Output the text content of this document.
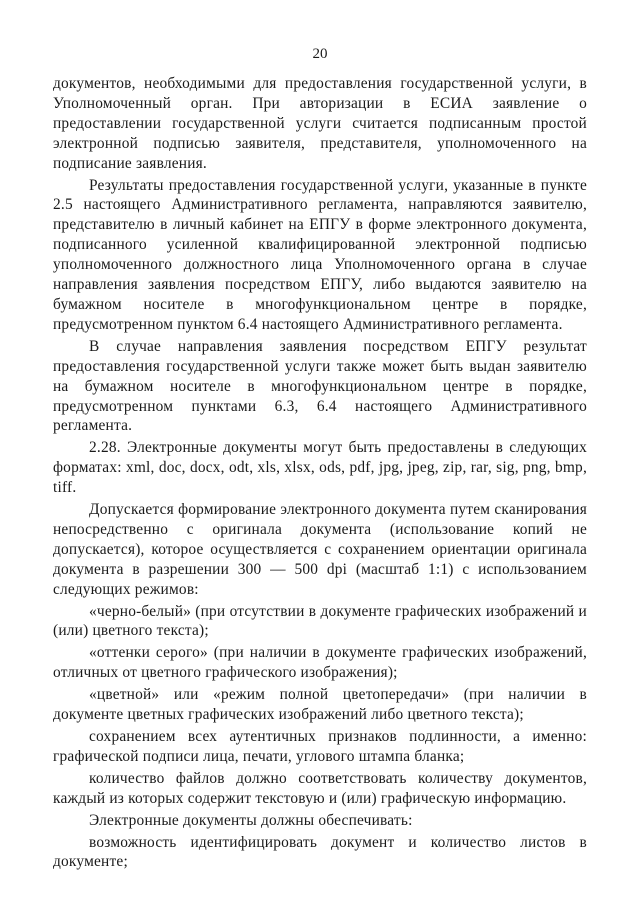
20

документов, необходимыми для предоставления государственной услуги, в Уполномоченный орган. При авторизации в ЕСИА заявление о предоставлении государственной услуги считается подписанным простой электронной подписью заявителя, представителя, уполномоченного на подписание заявления.

Результаты предоставления государственной услуги, указанные в пункте 2.5 настоящего Административного регламента, направляются заявителю, представителю в личный кабинет на ЕПГУ в форме электронного документа, подписанного усиленной квалифицированной электронной подписью уполномоченного должностного лица Уполномоченного органа в случае направления заявления посредством ЕПГУ, либо выдаются заявителю на бумажном носителе в многофункциональном центре в порядке, предусмотренном пунктом 6.4 настоящего Административного регламента.

В случае направления заявления посредством ЕПГУ результат предоставления государственной услуги также может быть выдан заявителю на бумажном носителе в многофункциональном центре в порядке, предусмотренном пунктами 6.3, 6.4 настоящего Административного регламента.

2.28. Электронные документы могут быть предоставлены в следующих форматах: xml, doc, docx, odt, xls, xlsx, ods, pdf, jpg, jpeg, zip, rar, sig, png, bmp, tiff.

Допускается формирование электронного документа путем сканирования непосредственно с оригинала документа (использование копий не допускается), которое осуществляется с сохранением ориентации оригинала документа в разрешении 300 — 500 dpi (масштаб 1:1) с использованием следующих режимов:

«черно-белый» (при отсутствии в документе графических изображений и (или) цветного текста);

«оттенки серого» (при наличии в документе графических изображений, отличных от цветного графического изображения);

«цветной» или «режим полной цветопередачи» (при наличии в документе цветных графических изображений либо цветного текста);

сохранением всех аутентичных признаков подлинности, а именно: графической подписи лица, печати, углового штампа бланка;

количество файлов должно соответствовать количеству документов, каждый из которых содержит текстовую и (или) графическую информацию.

Электронные документы должны обеспечивать:

возможность идентифицировать документ и количество листов в документе;
